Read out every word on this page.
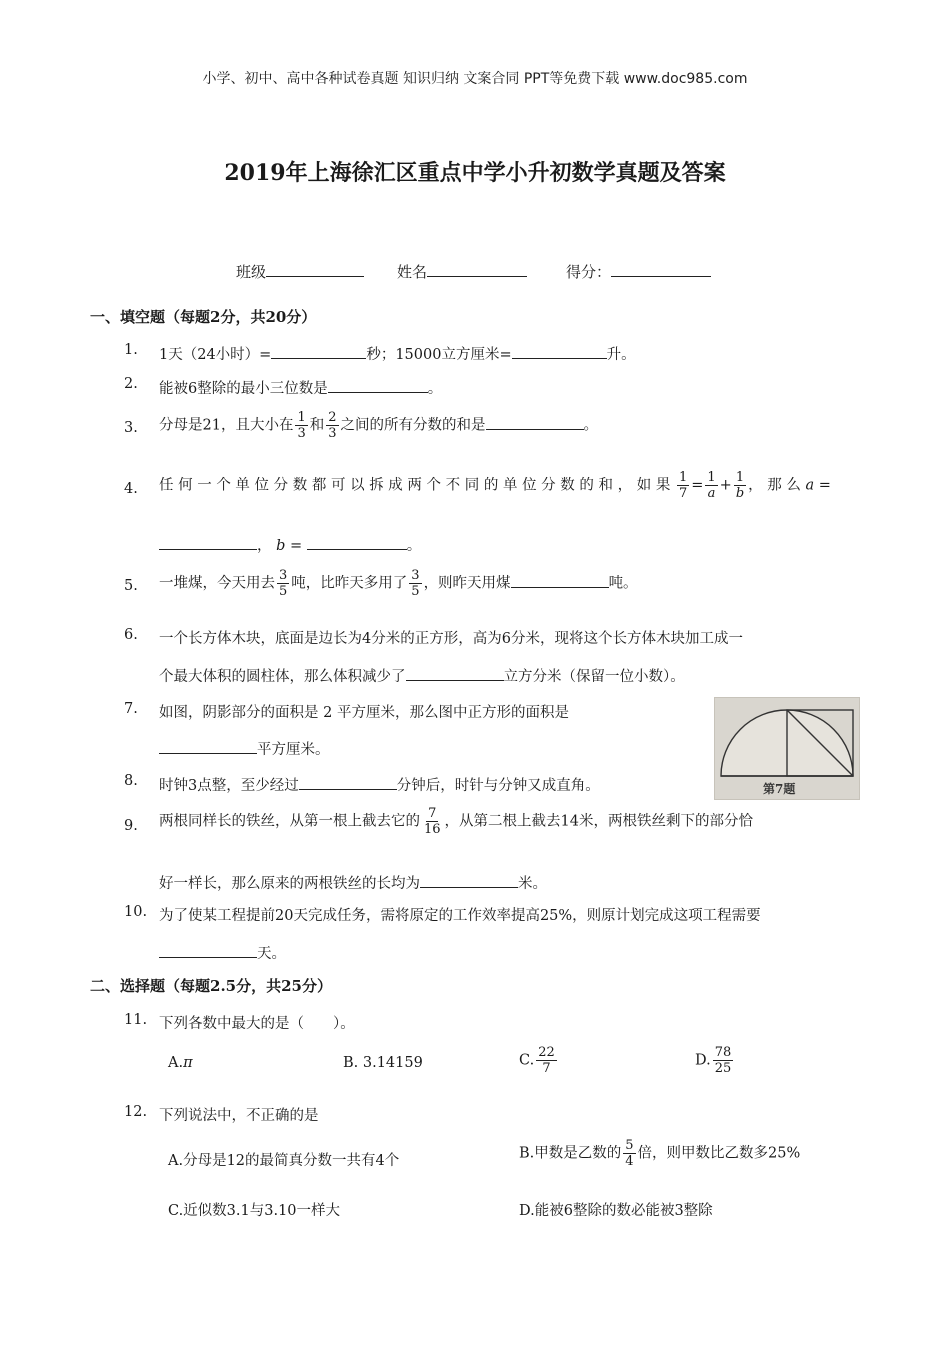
小学、初中、高中各种试卷真题 知识归纳 文案合同 PPT等免费下载 www.doc985.com
2019年上海徐汇区重点中学小升初数学真题及答案
班级	姓名	得分：
一、填空题（每题2分，共20分）
1. 1天（24小时）=	秒；15000立方厘米=	升。
2. 能被6整除的最小三位数是	。
3. 分母是21，且大小在 $\frac{1}{3}$ 和 $\frac{2}{3}$ 之间的所有分数的和是	。
4. 任 何 一 个 单 位 分 数 都 可 以 拆 成 两 个 不 同 的 单 位 分 数 的 和 ， 如 果 $\frac{1}{7} = \frac{1}{a} + \frac{1}{b}$ ， 那 么 a =
， b =	。
5. 一堆煤，今天用去 $\frac{3}{5}$ 吨，比昨天多用了 $\frac{3}{5}$ ，则昨天用煤	吨。
6. 一个长方体木块，底面是边长为4分米的正方形，高为6分米，现将这个长方体木块加工成一
个最大体积的圆柱体，那么体积减少了	立方分米（保留一位小数）。
7. 如图，阴影部分的面积是 2 平方厘米，那么图中正方形的面积是
平方厘米。
第7题
8. 时钟3点整，至少经过	分钟后，时针与分钟又成直角。
9. 两根同样长的铁丝，从第一根上截去它的 $\frac{7}{16}$ ，从第二根上截去14米，两根铁丝剩下的部分恰
好一样长，那么原来的两根铁丝的长均为	米。
10. 为了使某工程提前20天完成任务，需将原定的工作效率提高25%，则原计划完成这项工程需要
天。
二、选择题（每题2.5分，共25分）
11. 下列各数中最大的是（　　）。
A.π	B. 3.14159	C. $\frac{22}{7}$	D. $\frac{78}{25}$
12. 下列说法中，不正确的是
A.分母是12的最简真分数一共有4个	B.甲数是乙数的 $\frac{5}{4}$ 倍，则甲数比乙数多25%
C.近似数3.1与3.10一样大	D.能被6整除的数必能被3整除
